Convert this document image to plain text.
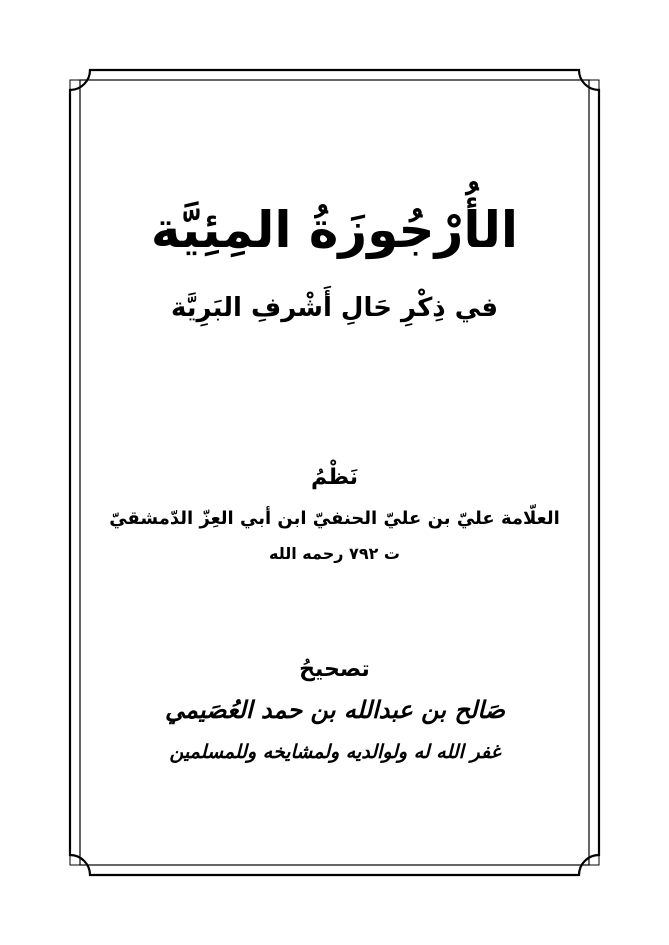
الأُرْجُوزَةُ المِئِيَّة
في ذِكْرِ حَالِ أَشْرفِ البَرِيَّة
نَظْمُ
العلّامة عليّ بن عليّ الحنفيّ ابن أبي العِزّ الدّمشقيّ
ت ٧٩٢ رحمه الله
تصحيحُ
صَالح بن عبدالله بن حمد العُصَيمي
غفر الله له ولوالديه ولمشايخه وللمسلمين
